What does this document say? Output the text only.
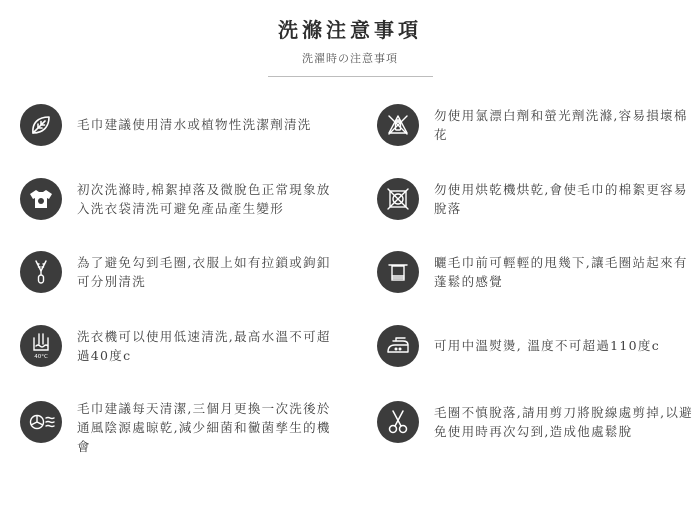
洗滌注意事項
洗濯時の注意事項
毛巾建議使用清水或植物性洗潔劑清洗
初次洗滌時,棉絮掉落及微脫色正常現象放入洗衣袋清洗可避免產品產生變形
為了避免勾到毛圈,衣服上如有拉鎖或鉤釦可分別清洗
40°C
洗衣機可以使用低速清洗,最高水溫不可超過40度c
毛巾建議每天清潔,三個月更換一次洗後於通風陰源處晾乾,減少細菌和黴菌孳生的機會
勿使用氯漂白劑和螢光劑洗滌,容易損壞棉花
勿使用烘乾機烘乾,會使毛巾的棉絮更容易脫落
曬毛巾前可輕輕的甩幾下,讓毛圈站起來有蓬鬆的感覺
可用中溫熨燙, 溫度不可超過110度c
毛圈不慎脫落,請用剪刀將脫線處剪掉,以避免使用時再次勾到,造成他處鬆脫
